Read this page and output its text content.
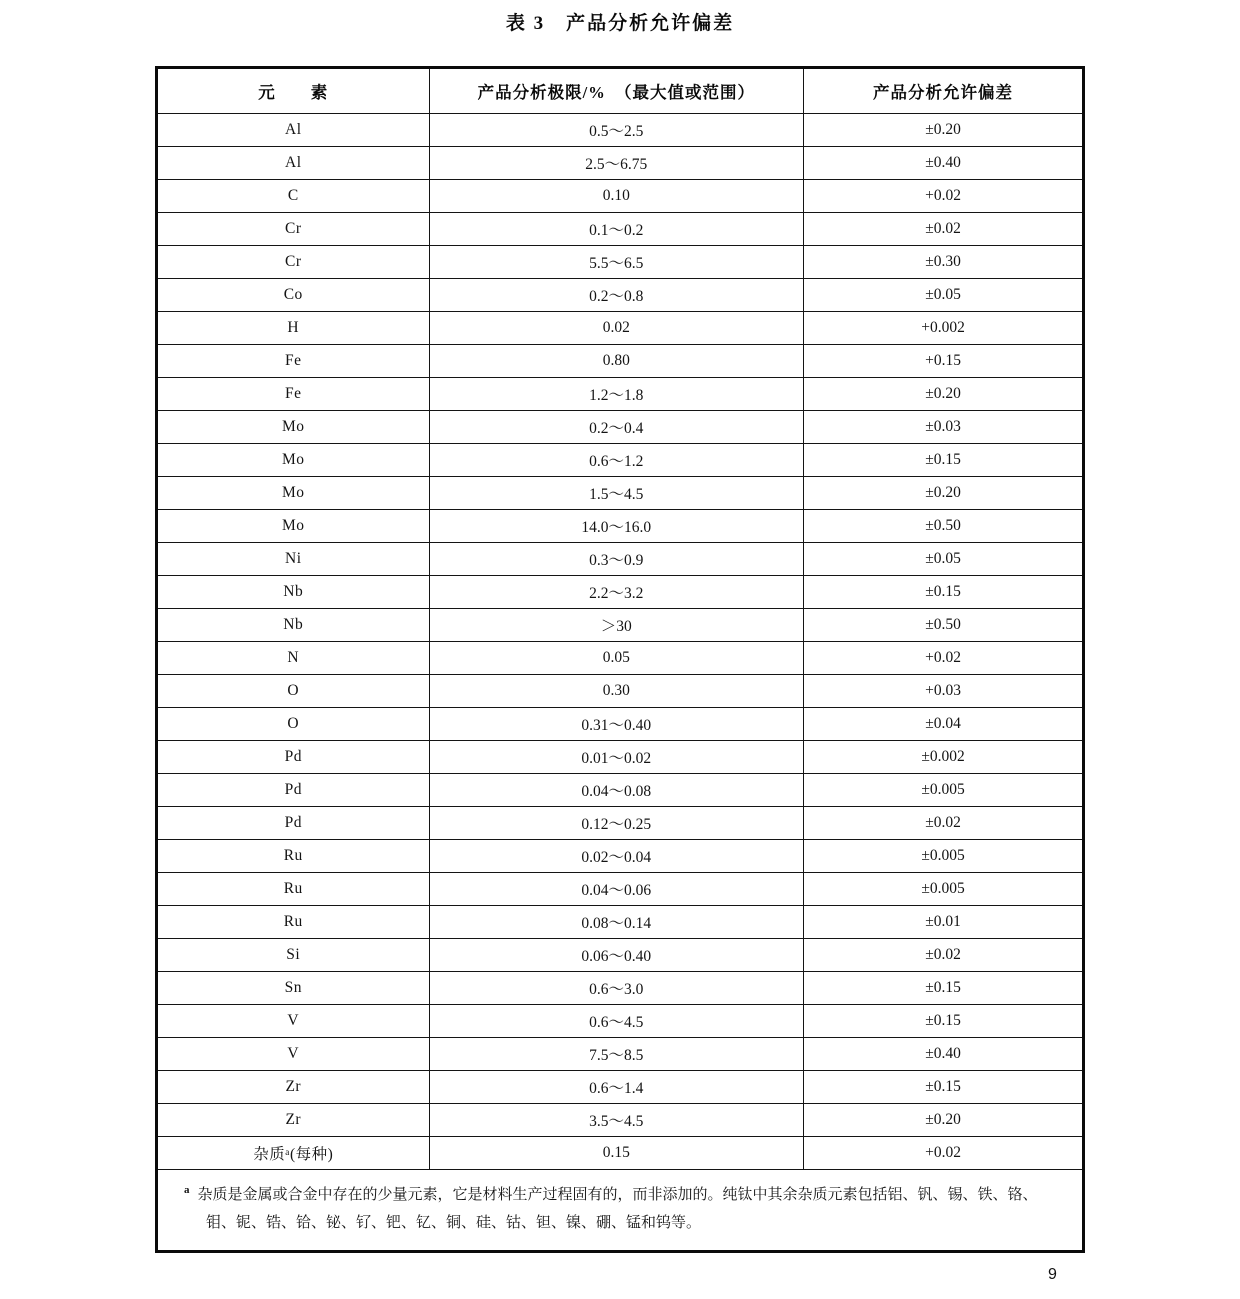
表 3　产品分析允许偏差
元　　素	产品分析极限/%　（最大值或范围）	产品分析允许偏差
Al	0.5～2.5	±0.20
Al	2.5～6.75	±0.40
C	0.10	+0.02
Cr	0.1～0.2	±0.02
Cr	5.5～6.5	±0.30
Co	0.2～0.8	±0.05
H	0.02	+0.002
Fe	0.80	+0.15
Fe	1.2～1.8	±0.20
Mo	0.2～0.4	±0.03
Mo	0.6～1.2	±0.15
Mo	1.5～4.5	±0.20
Mo	14.0～16.0	±0.50
Ni	0.3～0.9	±0.05
Nb	2.2～3.2	±0.15
Nb	＞30	±0.50
N	0.05	+0.02
O	0.30	+0.03
O	0.31～0.40	±0.04
Pd	0.01～0.02	±0.002
Pd	0.04～0.08	±0.005
Pd	0.12～0.25	±0.02
Ru	0.02～0.04	±0.005
Ru	0.04～0.06	±0.005
Ru	0.08～0.14	±0.01
Si	0.06～0.40	±0.02
Sn	0.6～3.0	±0.15
V	0.6～4.5	±0.15
V	7.5～8.5	±0.40
Zr	0.6～1.4	±0.15
Zr	3.5～4.5	±0.20
杂质ᵃ(每种)	0.15	+0.02

$^a$ 杂质是金属或合金中存在的少量元素，它是材料生产过程固有的，而非添加的。纯钛中其余杂质元素包括铝、钒、锡、铁、铬、钼、铌、锆、铪、铋、钌、钯、钇、铜、硅、钴、钽、镍、硼、锰和钨等。		
9
